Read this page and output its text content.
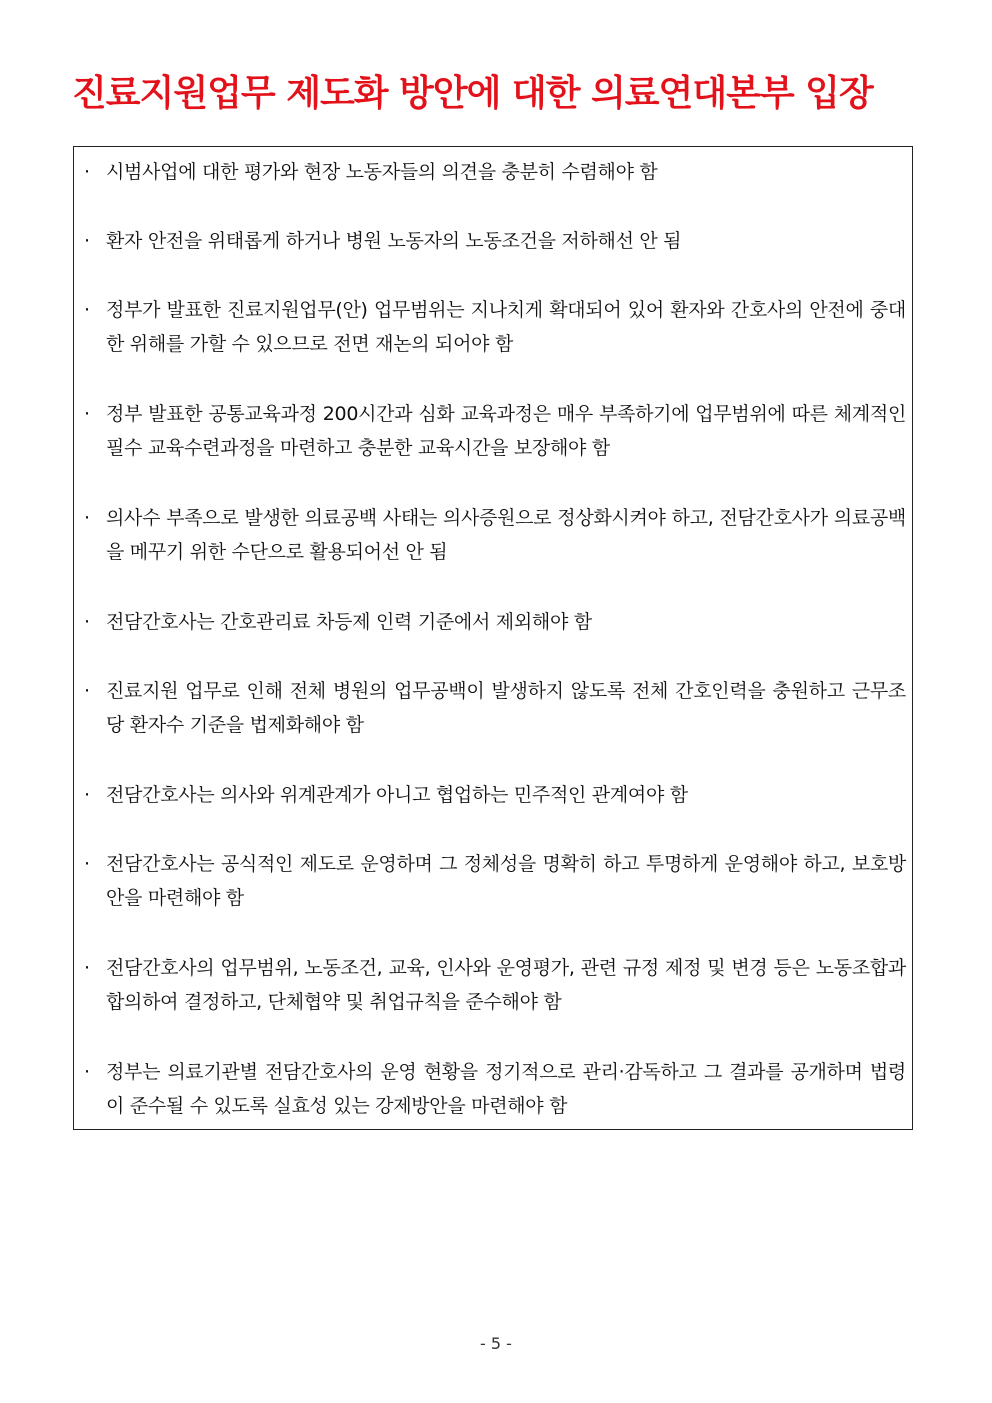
진료지원업무 제도화 방안에 대한 의료연대본부 입장
· 시범사업에 대한 평가와 현장 노동자들의 의견을 충분히 수렴해야 함
· 환자 안전을 위태롭게 하거나 병원 노동자의 노동조건을 저하해선 안 됨
· 정부가 발표한 진료지원업무(안) 업무범위는 지나치게 확대되어 있어 환자와 간호사의 안전에 중대한 위해를 가할 수 있으므로 전면 재논의 되어야 함
· 정부 발표한 공통교육과정 200시간과 심화 교육과정은 매우 부족하기에 업무범위에 따른 체계적인 필수 교육수련과정을 마련하고 충분한 교육시간을 보장해야 함
· 의사수 부족으로 발생한 의료공백 사태는 의사증원으로 정상화시켜야 하고, 전담간호사가 의료공백을 메꾸기 위한 수단으로 활용되어선 안 됨
· 전담간호사는 간호관리료 차등제 인력 기준에서 제외해야 함
· 진료지원 업무로 인해 전체 병원의 업무공백이 발생하지 않도록 전체 간호인력을 충원하고 근무조당 환자수 기준을 법제화해야 함
· 전담간호사는 의사와 위계관계가 아니고 협업하는 민주적인 관계여야 함
· 전담간호사는 공식적인 제도로 운영하며 그 정체성을 명확히 하고 투명하게 운영해야 하고, 보호방안을 마련해야 함
· 전담간호사의 업무범위, 노동조건, 교육, 인사와 운영평가, 관련 규정 제정 및 변경 등은 노동조합과 합의하여 결정하고, 단체협약 및 취업규칙을 준수해야 함
· 정부는 의료기관별 전담간호사의 운영 현황을 정기적으로 관리·감독하고 그 결과를 공개하며 법령이 준수될 수 있도록 실효성 있는 강제방안을 마련해야 함
- 5 -
